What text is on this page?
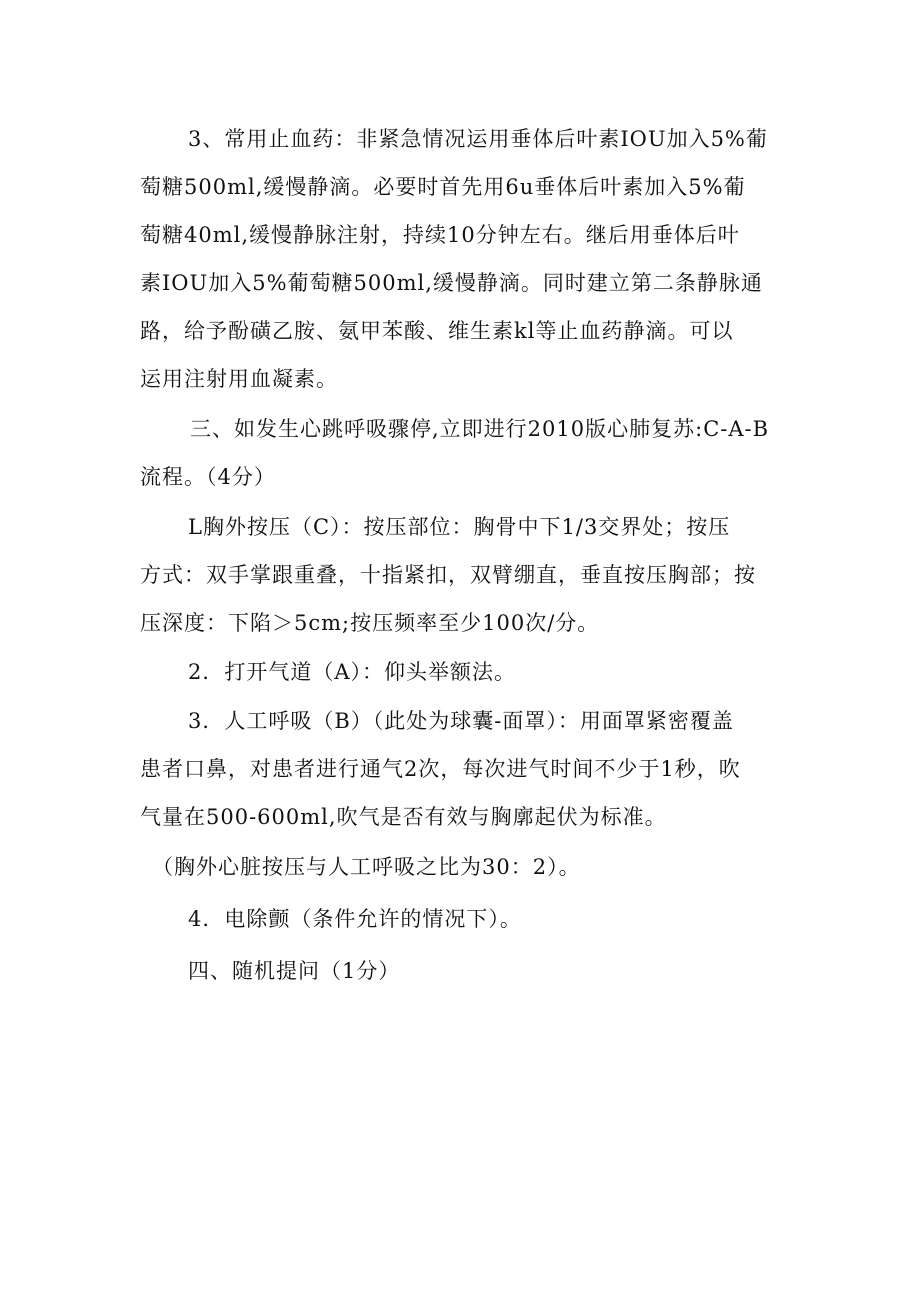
3、常用止血药：非紧急情况运用垂体后叶素IOU加入5%葡

萄糖500ml,缓慢静滴。必要时首先用6u垂体后叶素加入5%葡

萄糖40ml,缓慢静脉注射，持续10分钟左右。继后用垂体后叶

素IOU加入5%葡萄糖500ml,缓慢静滴。同时建立第二条静脉通

路，给予酚磺乙胺、氨甲苯酸、维生素kl等止血药静滴。可以

运用注射用血凝素。

三、如发生心跳呼吸骤停,立即进行2010版心肺复苏:C-A-B

流程。（4分）

L胸外按压（C）：按压部位：胸骨中下1/3交界处；按压

方式：双手掌跟重叠，十指紧扣，双臂绷直，垂直按压胸部；按

压深度：下陷＞5cm;按压频率至少100次/分。

2．打开气道（A）：仰头举额法。

3．人工呼吸（B）（此处为球囊-面罩）：用面罩紧密覆盖

患者口鼻，对患者进行通气2次，每次进气时间不少于1秒，吹

气量在500-600ml,吹气是否有效与胸廓起伏为标准。

（胸外心脏按压与人工呼吸之比为30：2）。

4．电除颤（条件允许的情况下）。

四、随机提问（1分）
